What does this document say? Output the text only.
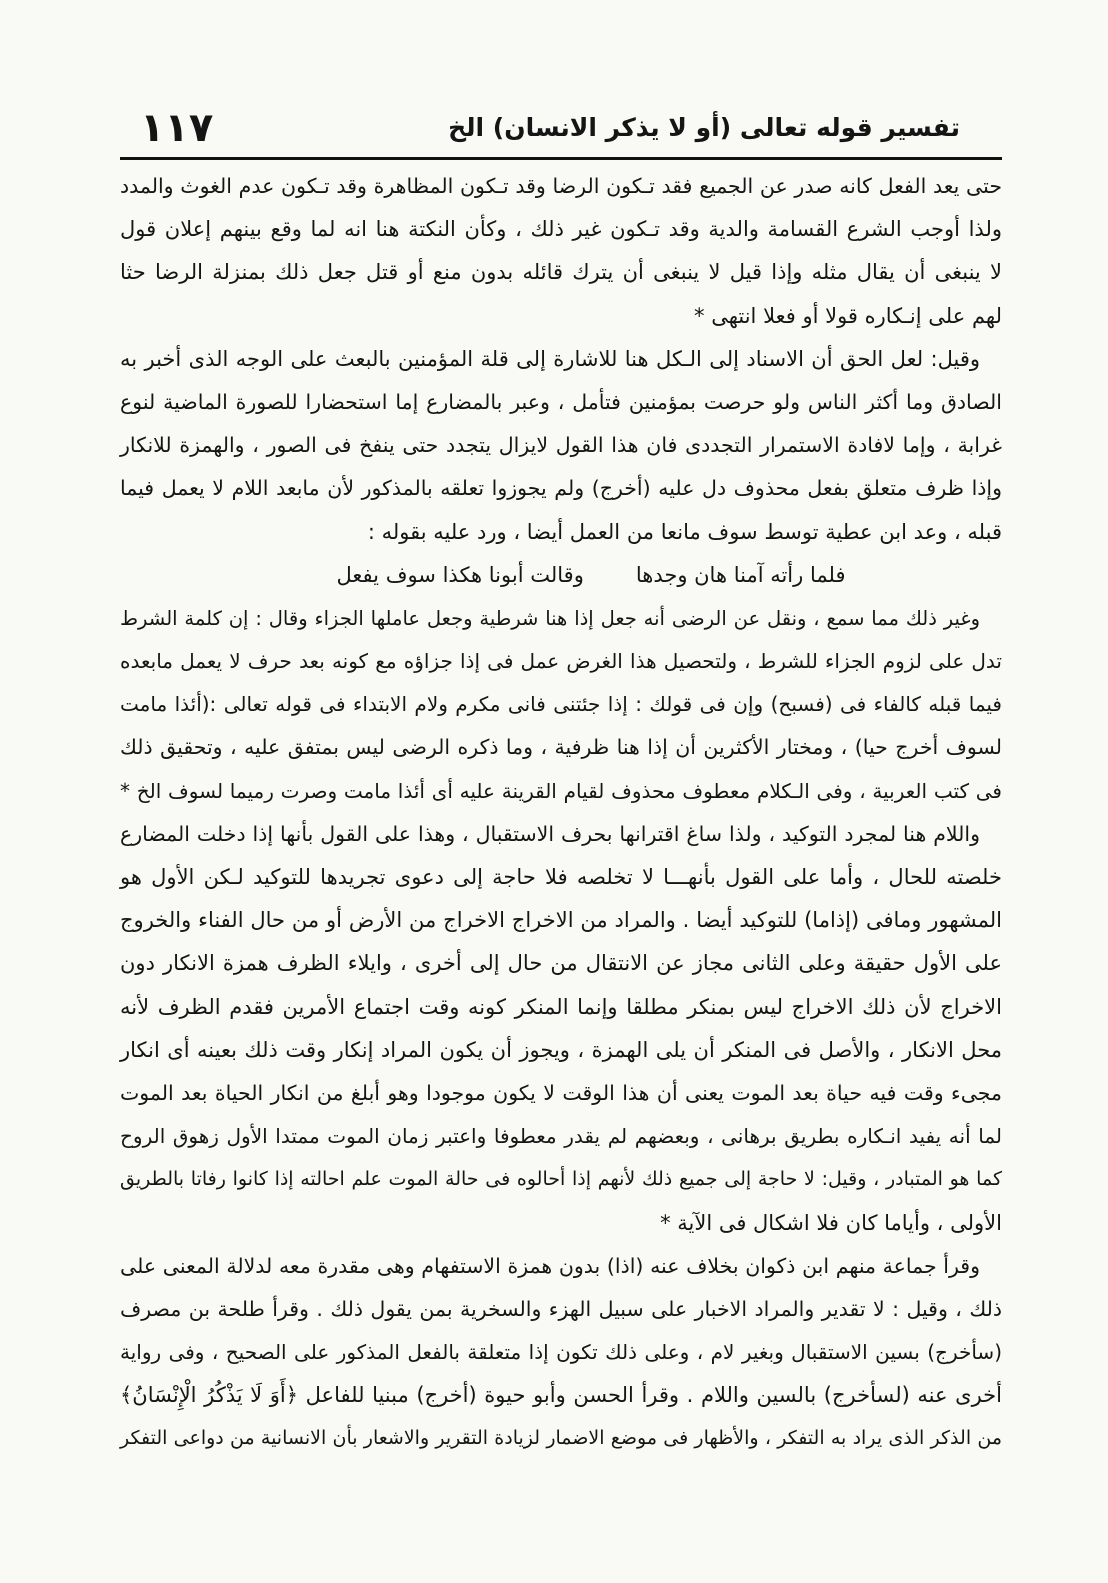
تفسير قوله تعالى (أو لا يذكر الانسان) الخ
١١٧
حتى يعد الفعل كانه صدر عن الجميع فقد تـكون الرضا وقد تـكون المظاهرة وقد تـكون عدم الغوث والمدد
ولذا أوجب الشرع القسامة والدية وقد تـكون غير ذلك ، وكأن النكتة هنا انه لما وقع بينهم إعلان قول
لا ينبغى أن يقال مثله وإذا قيل لا ينبغى أن يترك قائله بدون منع أو قتل جعل ذلك بمنزلة الرضا حثا
لهم على إنـكاره قولا أو فعلا انتهى *
وقيل: لعل الحق أن الاسناد إلى الـكل هنا للاشارة إلى قلة المؤمنين بالبعث على الوجه الذى أخبر به
الصادق وما أكثر الناس ولو حرصت بمؤمنين فتأمل ، وعبر بالمضارع إما استحضارا للصورة الماضية لنوع
غرابة ، وإما لافادة الاستمرار التجددى فان هذا القول لايزال يتجدد حتى ينفخ فى الصور ، والهمزة للانكار
وإذا ظرف متعلق بفعل محذوف دل عليه (أخرج) ولم يجوزوا تعلقه بالمذكور لأن مابعد اللام لا يعمل فيما
قبله ، وعد ابن عطية توسط سوف مانعا من العمل أيضا ، ورد عليه بقوله :
فلما رأته آمنا هان وجدها
وقالت أبونا هكذا سوف يفعل
وغير ذلك مما سمع ، ونقل عن الرضى أنه جعل إذا هنا شرطية وجعل عاملها الجزاء وقال : إن كلمة الشرط
تدل على لزوم الجزاء للشرط ، ولتحصيل هذا الغرض عمل فى إذا جزاؤه مع كونه بعد حرف لا يعمل مابعده
فيما قبله كالفاء فى (فسبح) وإن فى قولك : إذا جئتنى فانى مكرم ولام الابتداء فى قوله تعالى :(أئذا مامت
لسوف أخرج حيا) ، ومختار الأكثرين أن إذا هنا ظرفية ، وما ذكره الرضى ليس بمتفق عليه ، وتحقيق ذلك
فى كتب العربية ، وفى الـكلام معطوف محذوف لقيام القرينة عليه أى أئذا مامت وصرت رميما لسوف الخ *
واللام هنا لمجرد التوكيد ، ولذا ساغ اقترانها بحرف الاستقبال ، وهذا على القول بأنها إذا دخلت المضارع
خلصته للحال ، وأما على القول بأنهـــا لا تخلصه فلا حاجة إلى دعوى تجريدها للتوكيد لـكن الأول هو
المشهور ومافى (إذاما) للتوكيد أيضا . والمراد من الاخراج الاخراج من الأرض أو من حال الفناء والخروج
على الأول حقيقة وعلى الثانى مجاز عن الانتقال من حال إلى أخرى ، وايلاء الظرف همزة الانكار دون
الاخراج لأن ذلك الاخراج ليس بمنكر مطلقا وإنما المنكر كونه وقت اجتماع الأمرين فقدم الظرف لأنه
محل الانكار ، والأصل فى المنكر أن يلى الهمزة ، ويجوز أن يكون المراد إنكار وقت ذلك بعينه أى انكار
مجىء وقت فيه حياة بعد الموت يعنى أن هذا الوقت لا يكون موجودا وهو أبلغ من انكار الحياة بعد الموت
لما أنه يفيد انـكاره بطريق برهانى ، وبعضهم لم يقدر معطوفا واعتبر زمان الموت ممتدا الأول زهوق الروح
كما هو المتبادر ، وقيل: لا حاجة إلى جميع ذلك لأنهم إذا أحالوه فى حالة الموت علم احالته إذا كانوا رفاتا بالطريق
الأولى ، وأياما كان فلا اشكال فى الآية *
وقرأ جماعة منهم ابن ذكوان بخلاف عنه (اذا) بدون همزة الاستفهام وهى مقدرة معه لدلالة المعنى على
ذلك ، وقيل : لا تقدير والمراد الاخبار على سبيل الهزء والسخرية بمن يقول ذلك . وقرأ طلحة بن مصرف
(سأخرج) بسين الاستقبال وبغير لام ، وعلى ذلك تكون إذا متعلقة بالفعل المذكور على الصحيح ، وفى رواية
أخرى عنه (لسأخرج) بالسين واللام . وقرأ الحسن وأبو حيوة (أخرج) مبنيا للفاعل ﴿أَوَ لَا يَذْكُرُ الْإِنْسَانُ﴾
من الذكر الذى يراد به التفكر ، والأظهار فى موضع الاضمار لزيادة التقرير والاشعار بأن الانسانية من دواعى التفكر
